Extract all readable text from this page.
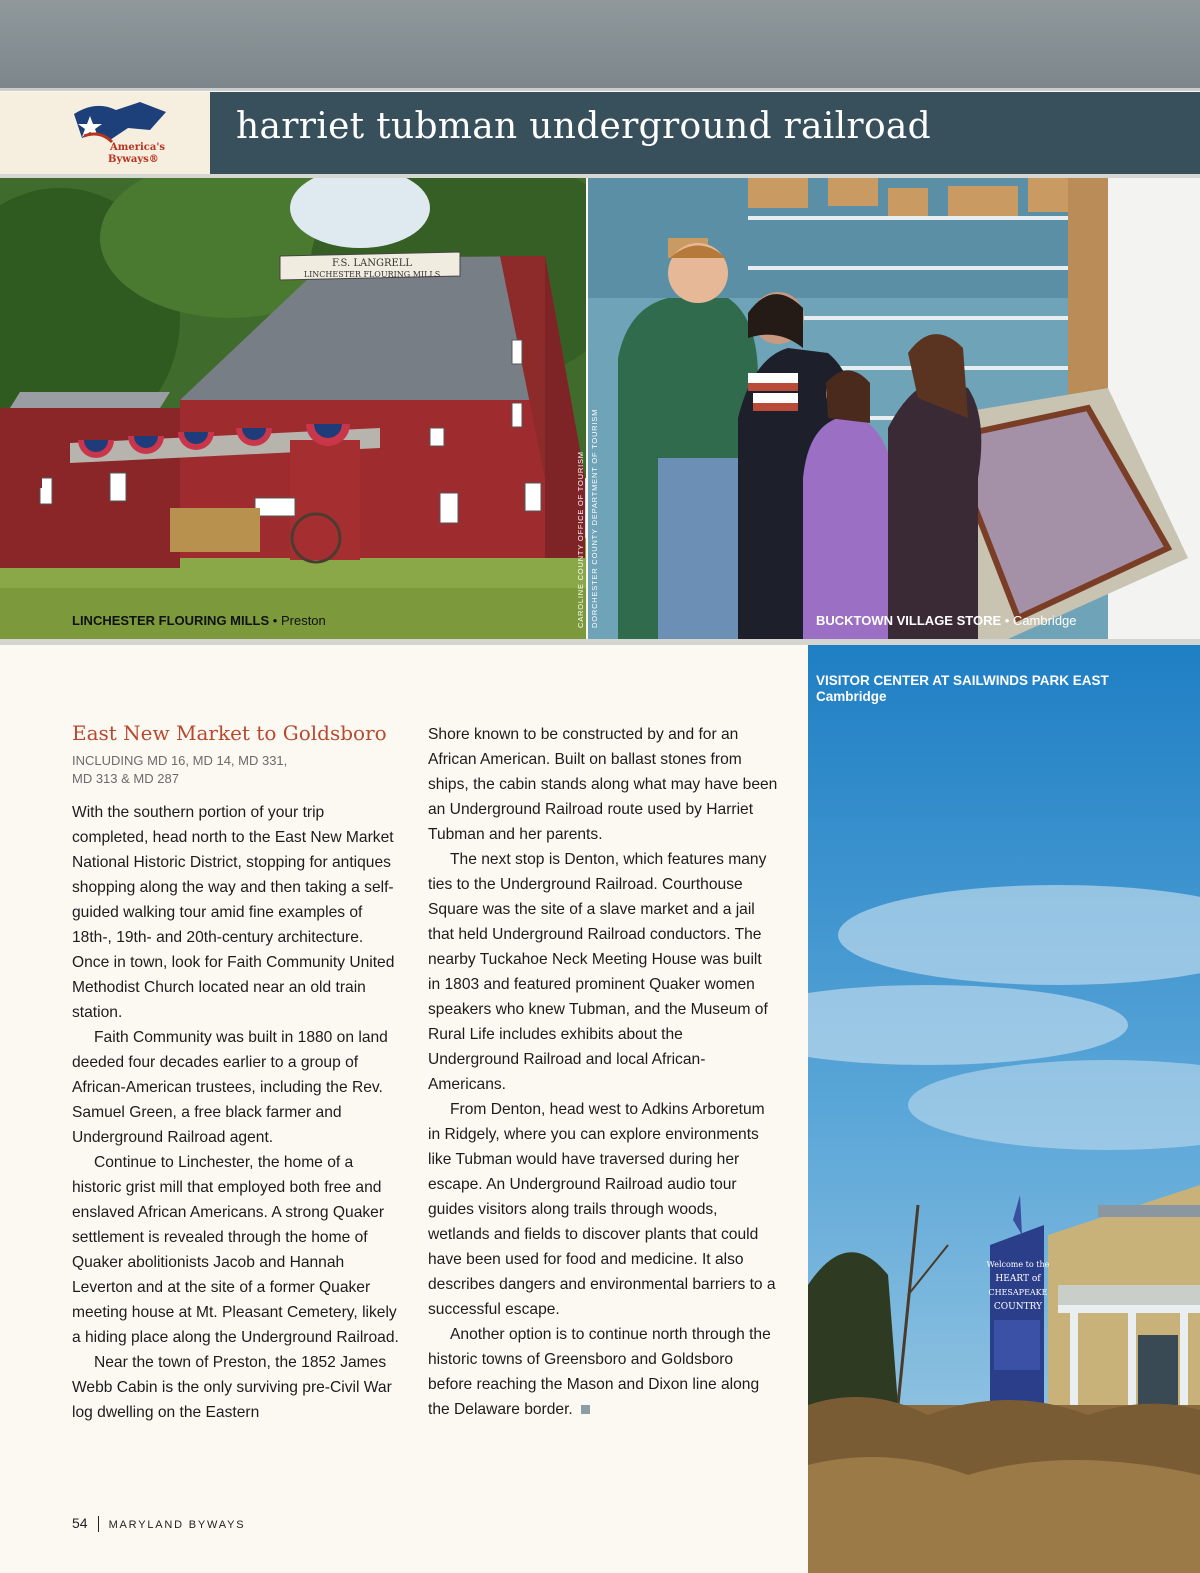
America's
Byways®
harriet tubman underground railroad
F.S. LANGRELL
LINCHESTER FLOURING MILLS
LINCHESTER FLOURING MILLS • Preston	CAROLINE COUNTY OFFICE OF TOURISM DORCHESTER COUNTY DEPARTMENT OF TOURISM	BUCKTOWN VILLAGE STORE • Cambridge
Welcome to the
HEART of
CHESAPEAKE
COUNTRY
VISITOR CENTER AT SAILWINDS PARK EAST
Cambridge
East New Market to Goldsboro
INCLUDING MD 16, MD 14, MD 331,
MD 313 & MD 287

With the southern portion of your trip completed, head north to the East New Market National Historic District, stopping for antiques shopping along the way and then taking a self-guided walking tour amid fine examples of 18th-, 19th- and 20th-century architecture. Once in town, look for Faith Community United Methodist Church located near an old train station.

Faith Community was built in 1880 on land deeded four decades earlier to a group of African-American trustees, including the Rev. Samuel Green, a free black farmer and Underground Railroad agent.

Continue to Linchester, the home of a historic grist mill that employed both free and enslaved African Americans. A strong Quaker settlement is revealed through the home of Quaker abolitionists Jacob and Hannah Leverton and at the site of a former Quaker meeting house at Mt. Pleasant Cemetery, likely a hiding place along the Underground Railroad.

Near the town of Preston, the 1852 James Webb Cabin is the only surviving pre-Civil War log dwelling on the Eastern

Shore known to be constructed by and for an African American. Built on ballast stones from ships, the cabin stands along what may have been an Underground Railroad route used by Harriet Tubman and her parents.

The next stop is Denton, which features many ties to the Underground Railroad. Courthouse Square was the site of a slave market and a jail that held Underground Railroad conductors. The nearby Tuckahoe Neck Meeting House was built in 1803 and featured prominent Quaker women speakers who knew Tubman, and the Museum of Rural Life includes exhibits about the Underground Railroad and local African-Americans.

From Denton, head west to Adkins Arboretum in Ridgely, where you can explore environments like Tubman would have traversed during her escape. An Underground Railroad audio tour guides visitors along trails through woods, wetlands and fields to discover plants that could have been used for food and medicine. It also describes dangers and environmental barriers to a successful escape.

Another option is to continue north through the historic towns of Greensboro and Goldsboro before reaching the Mason and Dixon line along the Delaware border.

54 MARYLAND BYWAYS
